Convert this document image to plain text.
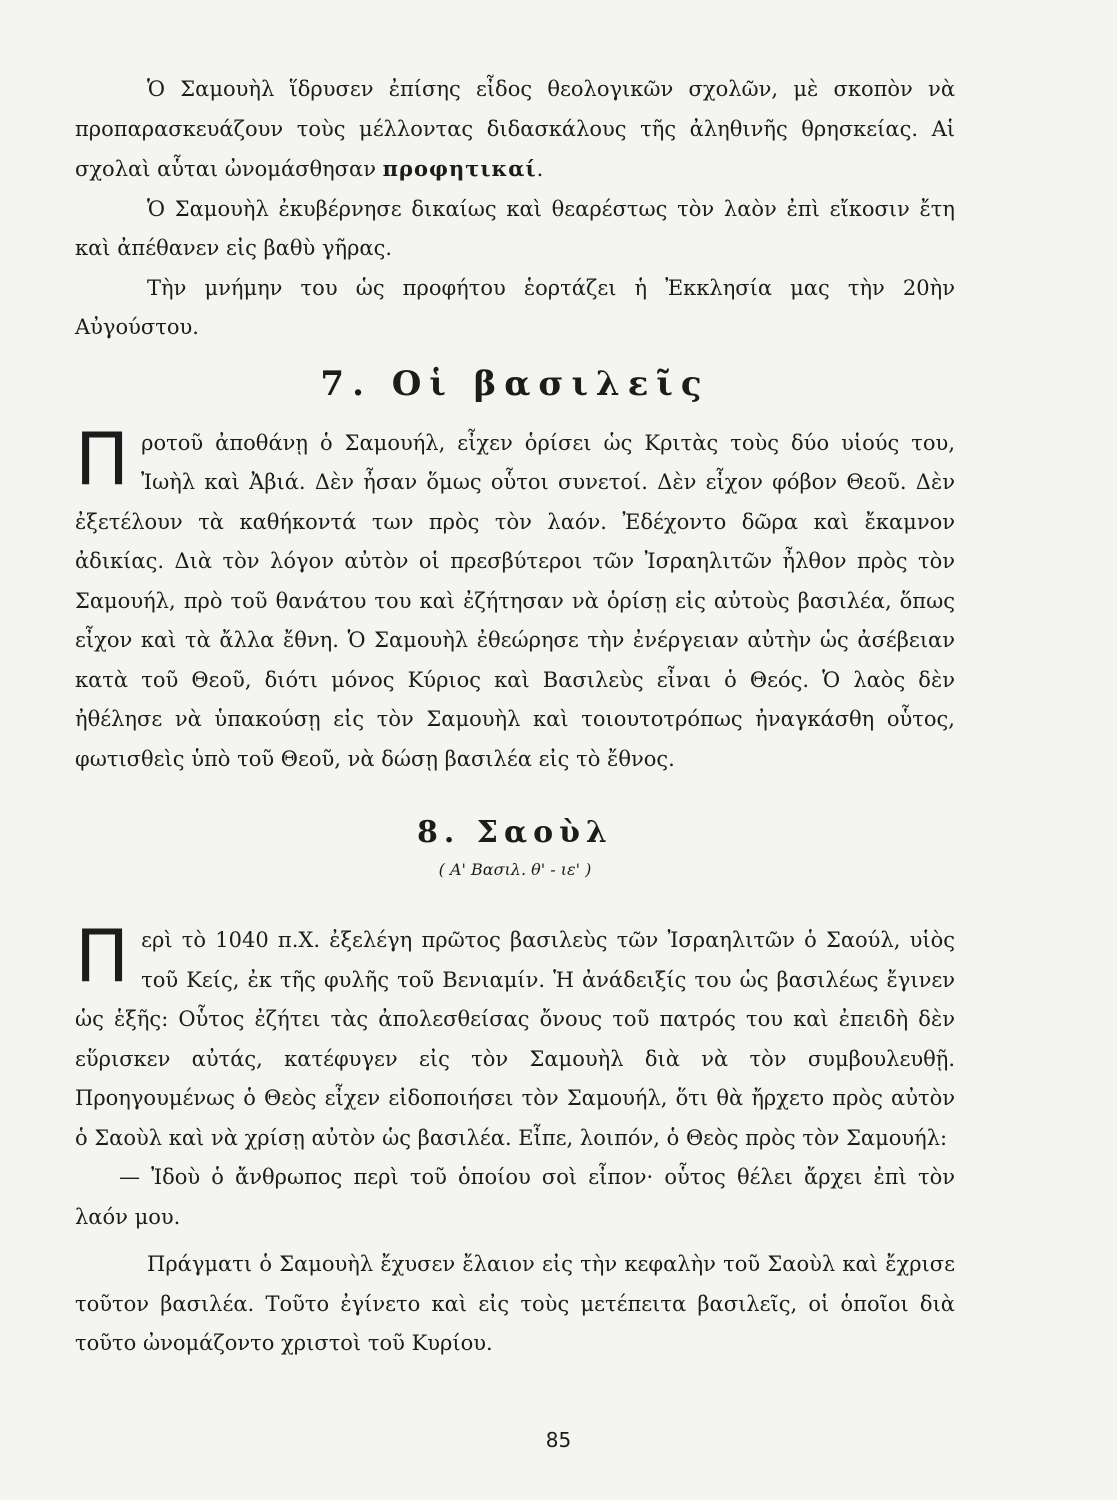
Ὁ Σαμουὴλ ἵδρυσεν ἐπίσης εἶδος θεολογικῶν σχολῶν, μὲ σκοπὸν νὰ προπαρασκευάζουν τοὺς μέλλοντας διδασκάλους τῆς ἀληθινῆς θρησκείας. Αἱ σχολαὶ αὗται ὠνομάσθησαν προφητικαί.

Ὁ Σαμουὴλ ἐκυβέρνησε δικαίως καὶ θεαρέστως τὸν λαὸν ἐπὶ εἴκοσιν ἔτη καὶ ἀπέθανεν εἰς βαθὺ γῆρας.

Τὴν μνήμην του ὡς προφήτου ἑορτάζει ἡ Ἐκκλησία μας τὴν 20ὴν Αὐγούστου.

7. Οἱ βασιλεῖς

Προτοῦ ἀποθάνῃ ὁ Σαμουήλ, εἶχεν ὁρίσει ὡς Κριτὰς τοὺς δύο υἱούς του, Ἰωὴλ καὶ Ἀβιά. Δὲν ἦσαν ὅμως οὗτοι συνετοί. Δὲν εἶχον φόβον Θεοῦ. Δὲν ἐξετέλουν τὰ καθήκοντά των πρὸς τὸν λαόν. Ἐδέχοντο δῶρα καὶ ἔκαμνον ἀδικίας. Διὰ τὸν λόγον αὐτὸν οἱ πρεσβύτεροι τῶν Ἰσραηλιτῶν ἦλθον πρὸς τὸν Σαμουήλ, πρὸ τοῦ θανάτου του καὶ ἐζήτησαν νὰ ὁρίσῃ εἰς αὐτοὺς βασιλέα, ὅπως εἶχον καὶ τὰ ἄλλα ἔθνη. Ὁ Σαμουὴλ ἐθεώρησε τὴν ἐνέργειαν αὐτὴν ὡς ἀσέβειαν κατὰ τοῦ Θεοῦ, διότι μόνος Κύριος καὶ Βασιλεὺς εἶναι ὁ Θεός. Ὁ λαὸς δὲν ἠθέλησε νὰ ὑπακούσῃ εἰς τὸν Σαμουὴλ καὶ τοιουτοτρόπως ἠναγκάσθη οὗτος, φωτισθεὶς ὑπὸ τοῦ Θεοῦ, νὰ δώσῃ βασιλέα εἰς τὸ ἔθνος.

8. Σαοὺλ
( Α' Βασιλ. θ' - ιε' )

Περὶ τὸ 1040 π.Χ. ἐξελέγη πρῶτος βασιλεὺς τῶν Ἰσραηλιτῶν ὁ Σαούλ, υἱὸς τοῦ Κείς, ἐκ τῆς φυλῆς τοῦ Βενιαμίν. Ἡ ἀνάδειξίς του ὡς βασιλέως ἔγινεν ὡς ἑξῆς: Οὗτος ἐζήτει τὰς ἀπολεσθείσας ὄνους τοῦ πατρός του καὶ ἐπειδὴ δὲν εὕρισκεν αὐτάς, κατέφυγεν εἰς τὸν Σαμουὴλ διὰ νὰ τὸν συμβουλευθῇ. Προηγουμένως ὁ Θεὸς εἶχεν εἰδοποιήσει τὸν Σαμουήλ, ὅτι θὰ ἤρχετο πρὸς αὐτὸν ὁ Σαοὺλ καὶ νὰ χρίσῃ αὐτὸν ὡς βασιλέα. Εἶπε, λοιπόν, ὁ Θεὸς πρὸς τὸν Σαμουήλ:

— Ἰδοὺ ὁ ἄνθρωπος περὶ τοῦ ὁποίου σοὶ εἶπον· οὗτος θέλει ἄρχει ἐπὶ τὸν λαόν μου.

Πράγματι ὁ Σαμουὴλ ἔχυσεν ἔλαιον εἰς τὴν κεφαλὴν τοῦ Σαοὺλ καὶ ἔχρισε τοῦτον βασιλέα. Τοῦτο ἐγίνετο καὶ εἰς τοὺς μετέπειτα βασιλεῖς, οἱ ὁποῖοι διὰ τοῦτο ὠνομάζοντο χριστοὶ τοῦ Κυρίου.

85
